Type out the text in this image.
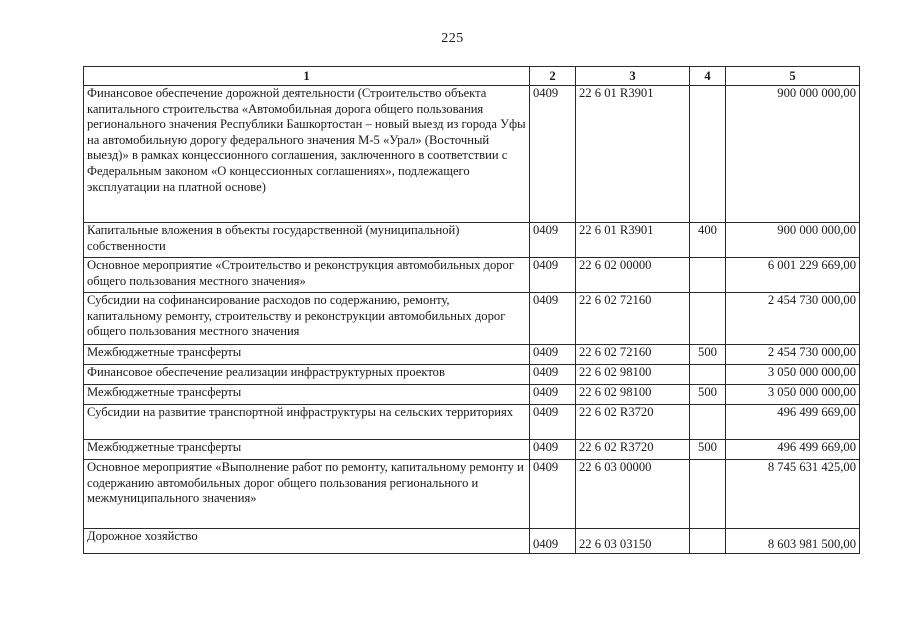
225
1	2	3	4	5
Финансовое обеспечение дорожной деятельности (Строительство объекта капитального строительства «Автомобильная дорога общего пользования регионального значения Республики Башкортостан – новый выезд из города Уфы на автомобильную дорогу федерального значения М-5 «Урал» (Восточный выезд)» в рамках концессионного соглашения, заключенного в соответствии с Федеральным законом «О концессионных соглашениях», подлежащего эксплуатации на платной основе)	0409	22 6 01 R3901		900 000 000,00
Капитальные вложения в объекты государственной (муниципальной) собственности	0409	22 6 01 R3901	400	900 000 000,00
Основное мероприятие «Строительство и реконструкция автомобильных дорог общего пользования местного значения»	0409	22 6 02 00000		6 001 229 669,00
Субсидии на софинансирование расходов по содержанию, ремонту, капитальному ремонту, строительству и реконструкции автомобильных дорог общего пользования местного значения	0409	22 6 02 72160		2 454 730 000,00
Межбюджетные трансферты	0409	22 6 02 72160	500	2 454 730 000,00
Финансовое обеспечение реализации инфраструктурных проектов	0409	22 6 02 98100		3 050 000 000,00
Межбюджетные трансферты	0409	22 6 02 98100	500	3 050 000 000,00
Субсидии на развитие транспортной инфраструктуры на сельских территориях	0409	22 6 02 R3720		496 499 669,00
Межбюджетные трансферты	0409	22 6 02 R3720	500	496 499 669,00
Основное мероприятие «Выполнение работ по ремонту, капитальному ремонту и содержанию автомобильных дорог общего пользования регионального и межмуниципального значения»	0409	22 6 03 00000		8 745 631 425,00
Дорожное хозяйство	0409	22 6 03 03150		8 603 981 500,00
